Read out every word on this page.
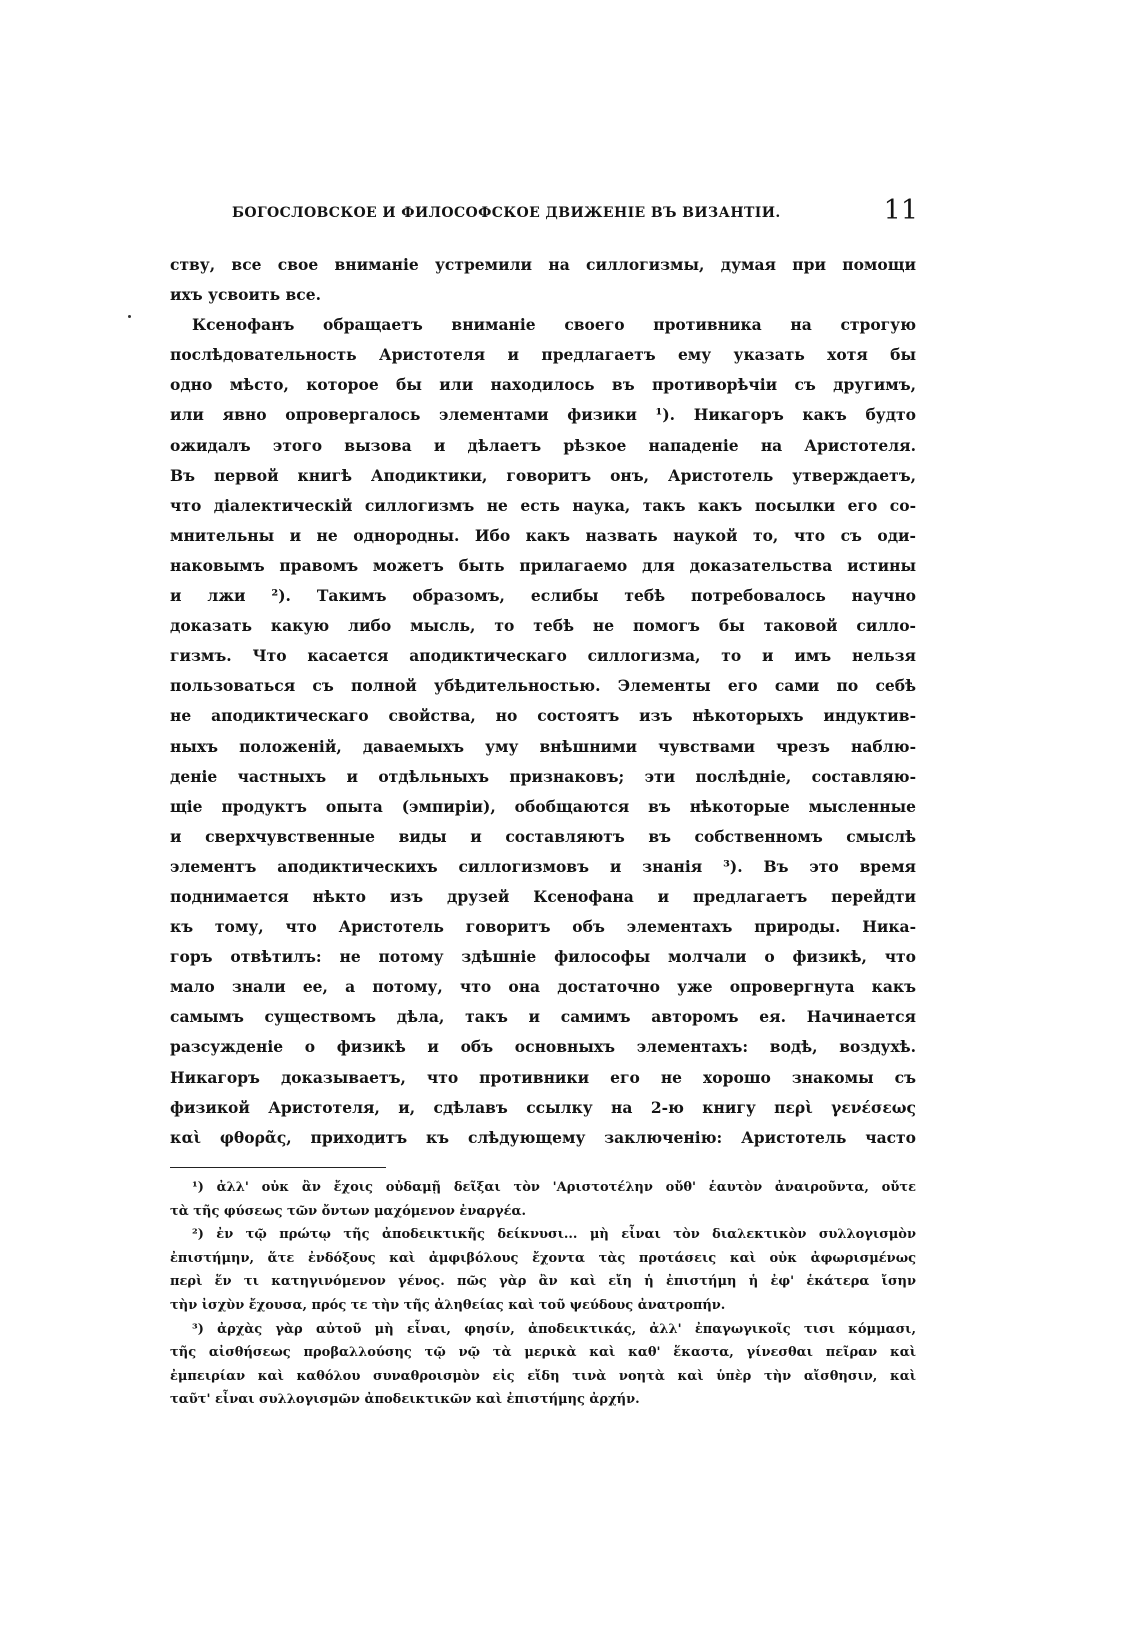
БОГОСЛОВСКОЕ И ФИЛОСОФСКОЕ ДВИЖЕНІЕ ВЪ ВИЗАНТІИ.	11
ству, все свое вниманіе устремили на силлогизмы, думая при помощи
ихъ усвоить все.
Ксенофанъ обращаетъ вниманіе своего противника на строгую
послѣдовательность Аристотеля и предлагаетъ ему указать хотя бы
одно мѣсто, которое бы или находилось въ противорѣчіи съ другимъ,
или явно опровергалось элементами физики ¹). Никагоръ какъ будто
ожидалъ этого вызова и дѣлаетъ рѣзкое нападеніе на Аристотеля.
Въ первой книгѣ Аподиктики, говоритъ онъ, Аристотель утверждаетъ,
что діалектическій силлогизмъ не есть наука, такъ какъ посылки его со-
мнительны и не однородны. Ибо какъ назвать наукой то, что съ оди-
наковымъ правомъ можетъ быть прилагаемо для доказательства истины
и лжи ²). Такимъ образомъ, еслибы тебѣ потребовалось научно
доказать какую либо мысль, то тебѣ не помогъ бы таковой силло-
гизмъ. Что касается аподиктическаго силлогизма, то и имъ нельзя
пользоваться съ полной убѣдительностью. Элементы его сами по себѣ
не аподиктическаго свойства, но состоятъ изъ нѣкоторыхъ индуктив-
ныхъ положеній, даваемыхъ уму внѣшними чувствами чрезъ наблю-
деніе частныхъ и отдѣльныхъ признаковъ; эти послѣдніе, составляю-
щіе продуктъ опыта (эмпиріи), обобщаются въ нѣкоторые мысленные
и сверхчувственные виды и составляютъ въ собственномъ смыслѣ
элементъ аподиктическихъ силлогизмовъ и знанія ³). Въ это время
поднимается нѣкто изъ друзей Ксенофана и предлагаетъ перейдти
къ тому, что Аристотель говоритъ объ элементахъ природы. Ника-
горъ отвѣтилъ: не потому здѣшніе философы молчали о физикѣ, что
мало знали ее, а потому, что она достаточно уже опровергнута какъ
самымъ существомъ дѣла, такъ и самимъ авторомъ ея. Начинается
разсужденіе о физикѣ и объ основныхъ элементахъ: водѣ, воздухѣ.
Никагоръ доказываетъ, что противники его не хорошо знакомы съ
физикой Аристотеля, и, сдѣлавъ ссылку на 2-ю книгу περὶ γενέσεως
καὶ φθορᾶς, приходитъ къ слѣдующему заключенію: Аристотель часто
¹) ἀλλ' οὐκ ἂν ἔχοις οὐδαμῇ δεῖξαι τὸν 'Αριστοτέλην οὔθ' ἑαυτὸν ἀναιροῦντα, οὔτε
τὰ τῆς φύσεως τῶν ὄντων μαχόμενον ἐναργέα.
²) ἐν τῷ πρώτῳ τῆς ἀποδεικτικῆς δείκνυσι... μὴ εἶναι τὸν διαλεκτικὸν συλλογισμὸν
ἐπιστήμην, ἅτε ἐνδόξους καὶ ἀμφιβόλους ἔχοντα τὰς προτάσεις καὶ οὐκ ἀφωρισμένως
περὶ ἕν τι κατηγινόμενον γένος. πῶς γὰρ ἂν καὶ εἴη ἡ ἐπιστήμη ἡ ἐφ' ἑκάτερα ἴσην
τὴν ἰσχὺν ἔχουσα, πρός τε τὴν τῆς ἀληθείας καὶ τοῦ ψεύδους ἀνατροπήν.
³) ἀρχὰς γὰρ αὐτοῦ μὴ εἶναι, φησίν, ἀποδεικτικάς, ἀλλ' ἐπαγωγικοῖς τισι κόμμασι,
τῆς αἰσθήσεως προβαλλούσης τῷ νῷ τὰ μερικὰ καὶ καθ' ἕκαστα, γίνεσθαι πεῖραν καὶ
ἐμπειρίαν καὶ καθόλου συναθροισμὸν εἰς εἴδη τινὰ νοητὰ καὶ ὑπὲρ τὴν αἴσθησιν, καὶ
ταῦτ' εἶναι συλλογισμῶν ἀποδεικτικῶν καὶ ἐπιστήμης ἀρχήν.
